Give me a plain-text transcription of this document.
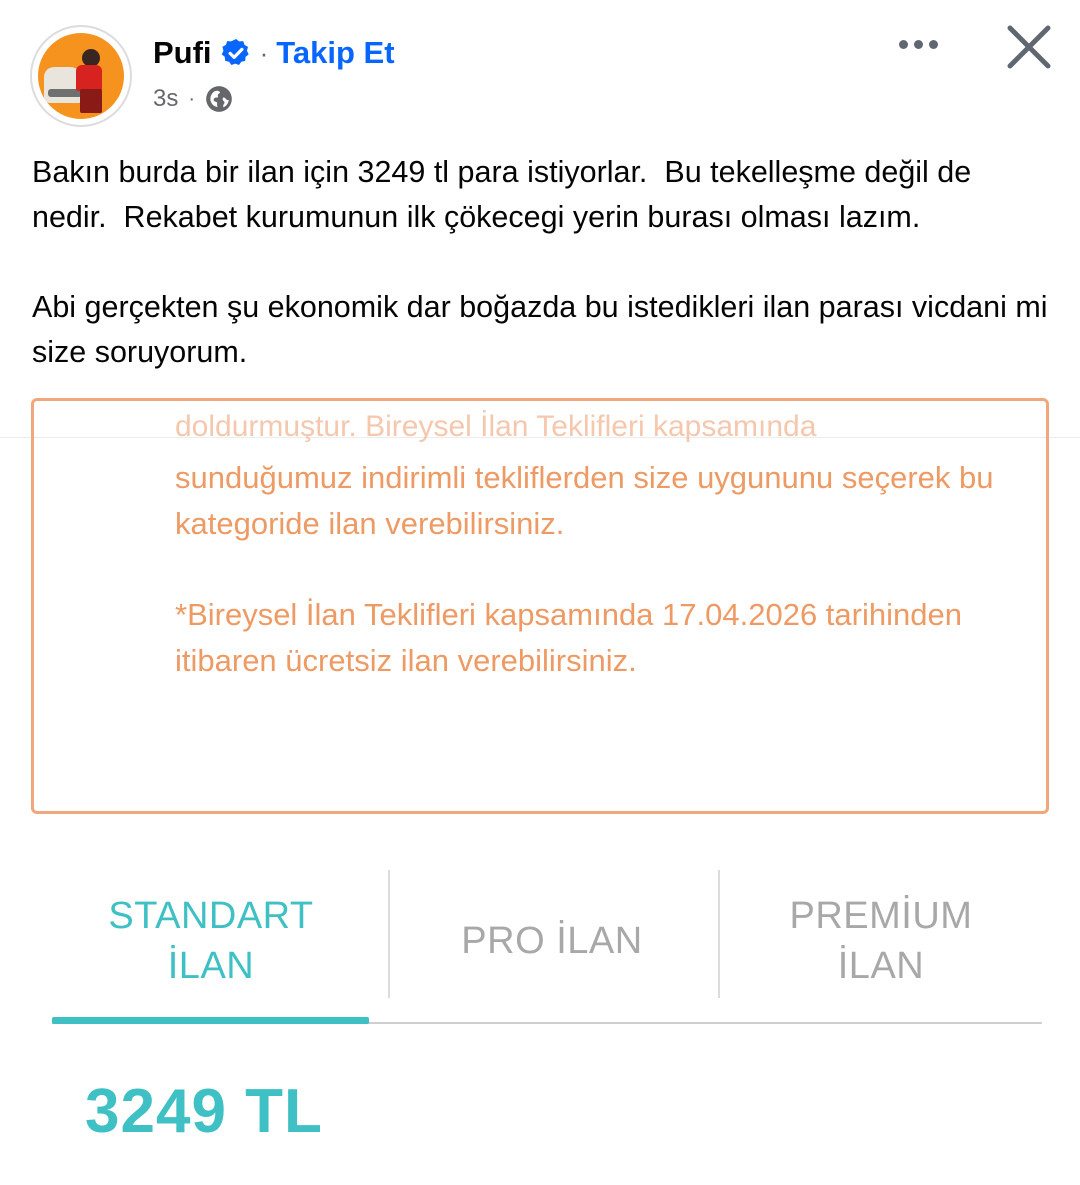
Pufi · Takip Et
3s ·

Bakın burda bir ilan için 3249 tl para istiyorlar.  Bu tekelleşme değil de nedir.  Rekabet kurumunun ilk çökecegi yerin burası olması lazım.

Abi gerçekten şu ekonomik dar boğazda bu istedikleri ilan parası vicdani mi size soruyorum.

doldurmuştur. Bireysel İlan Teklifleri kapsamında

sunduğumuz indirimli tekliflerden size uygununu seçerek bu kategoride ilan verebilirsiniz.

*Bireysel İlan Teklifleri kapsamında 17.04.2026 tarihinden itibaren ücretsiz ilan verebilirsiniz.

STANDART
İLAN
PRO İLAN
PREMİUM
İLAN
3249 TL
